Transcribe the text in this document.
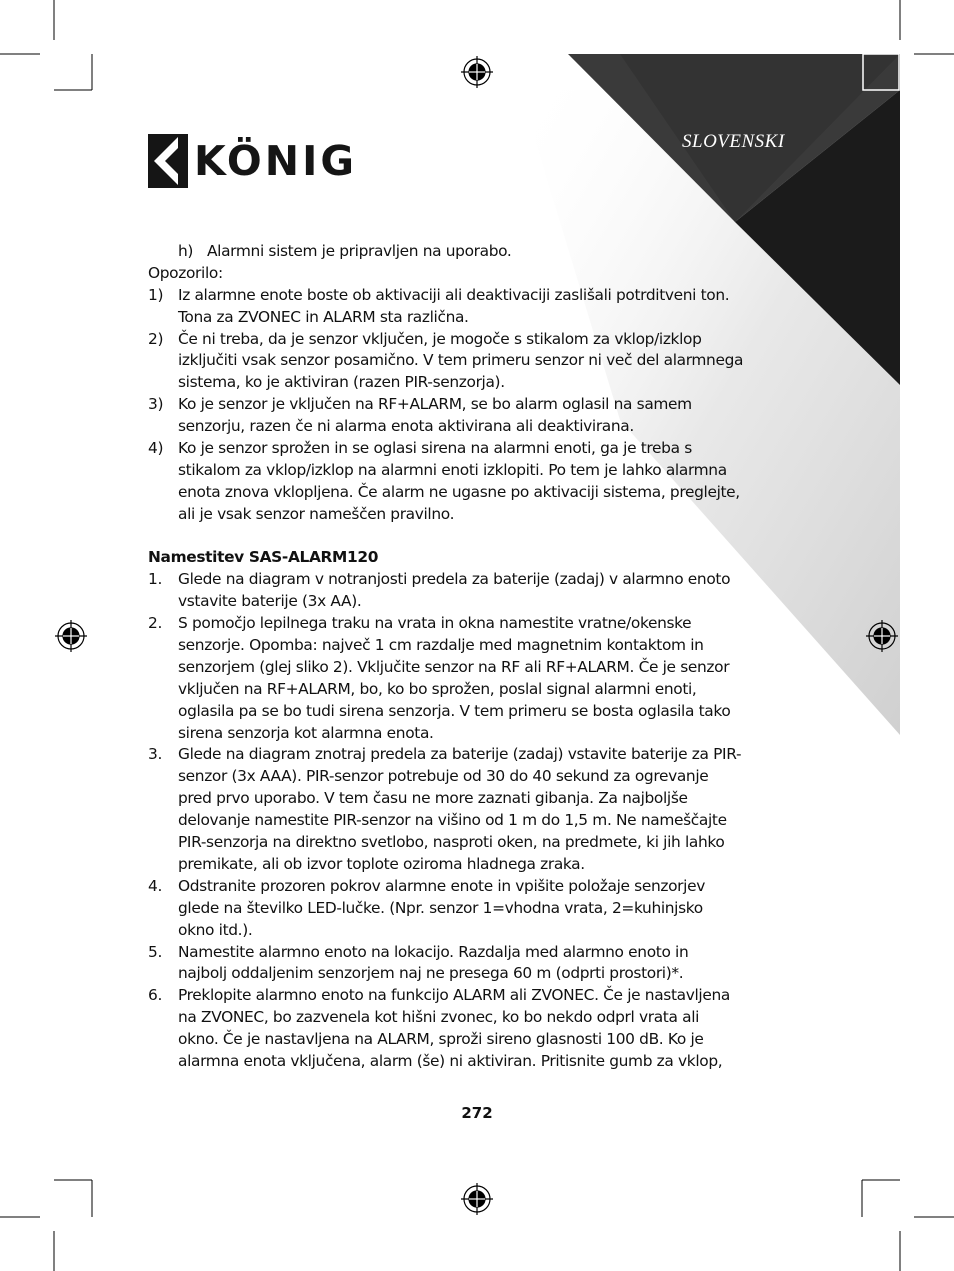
KÖNIG	SLOVENSKI
h) Alarmni sistem je pripravljen na uporabo.
Opozorilo:
1) Iz alarmne enote boste ob aktivaciji ali deaktivaciji zaslišali potrditveni ton.
Tona za ZVONEC in ALARM sta različna.
2) Če ni treba, da je senzor vključen, je mogoče s stikalom za vklop/izklop
izključiti vsak senzor posamično. V tem primeru senzor ni več del alarmnega
sistema, ko je aktiviran (razen PIR-senzorja).
3) Ko je senzor je vključen na RF+ALARM, se bo alarm oglasil na samem
senzorju, razen če ni alarma enota aktivirana ali deaktivirana.
4) Ko je senzor sprožen in se oglasi sirena na alarmni enoti, ga je treba s
stikalom za vklop/izklop na alarmni enoti izklopiti. Po tem je lahko alarmna
enota znova vklopljena. Če alarm ne ugasne po aktivaciji sistema, preglejte,
ali je vsak senzor nameščen pravilno.
Namestitev SAS-ALARM120
1.	Glede na diagram v notranjosti predela za baterije (zadaj) v alarmno enoto
vstavite baterije (3x AA).
2.	S pomočjo lepilnega traku na vrata in okna namestite vratne/okenske
senzorje. Opomba: največ 1 cm razdalje med magnetnim kontaktom in
senzorjem (glej sliko 2). Vključite senzor na RF ali RF+ALARM. Če je senzor
vključen na RF+ALARM, bo, ko bo sprožen, poslal signal alarmni enoti,
oglasila pa se bo tudi sirena senzorja. V tem primeru se bosta oglasila tako
sirena senzorja kot alarmna enota.
3.	Glede na diagram znotraj predela za baterije (zadaj) vstavite baterije za PIR-
senzor (3x AAA). PIR-senzor potrebuje od 30 do 40 sekund za ogrevanje
pred prvo uporabo. V tem času ne more zaznati gibanja. Za najboljše
delovanje namestite PIR-senzor na višino od 1 m do 1,5 m. Ne nameščajte
PIR-senzorja na direktno svetlobo, nasproti oken, na predmete, ki jih lahko
premikate, ali ob izvor toplote oziroma hladnega zraka.
4.	Odstranite prozoren pokrov alarmne enote in vpišite položaje senzorjev
glede na številko LED-lučke. (Npr. senzor 1=vhodna vrata, 2=kuhinjsko
okno itd.).
5.	Namestite alarmno enoto na lokacijo. Razdalja med alarmno enoto in
najbolj oddaljenim senzorjem naj ne presega 60 m (odprti prostori)*.
6.	Preklopite alarmno enoto na funkcijo ALARM ali ZVONEC. Če je nastavljena
na ZVONEC, bo zazvenela kot hišni zvonec, ko bo nekdo odprl vrata ali
okno. Če je nastavljena na ALARM, sproži sireno glasnosti 100 dB. Ko je
alarmna enota vključena, alarm (še) ni aktiviran. Pritisnite gumb za vklop,
272
